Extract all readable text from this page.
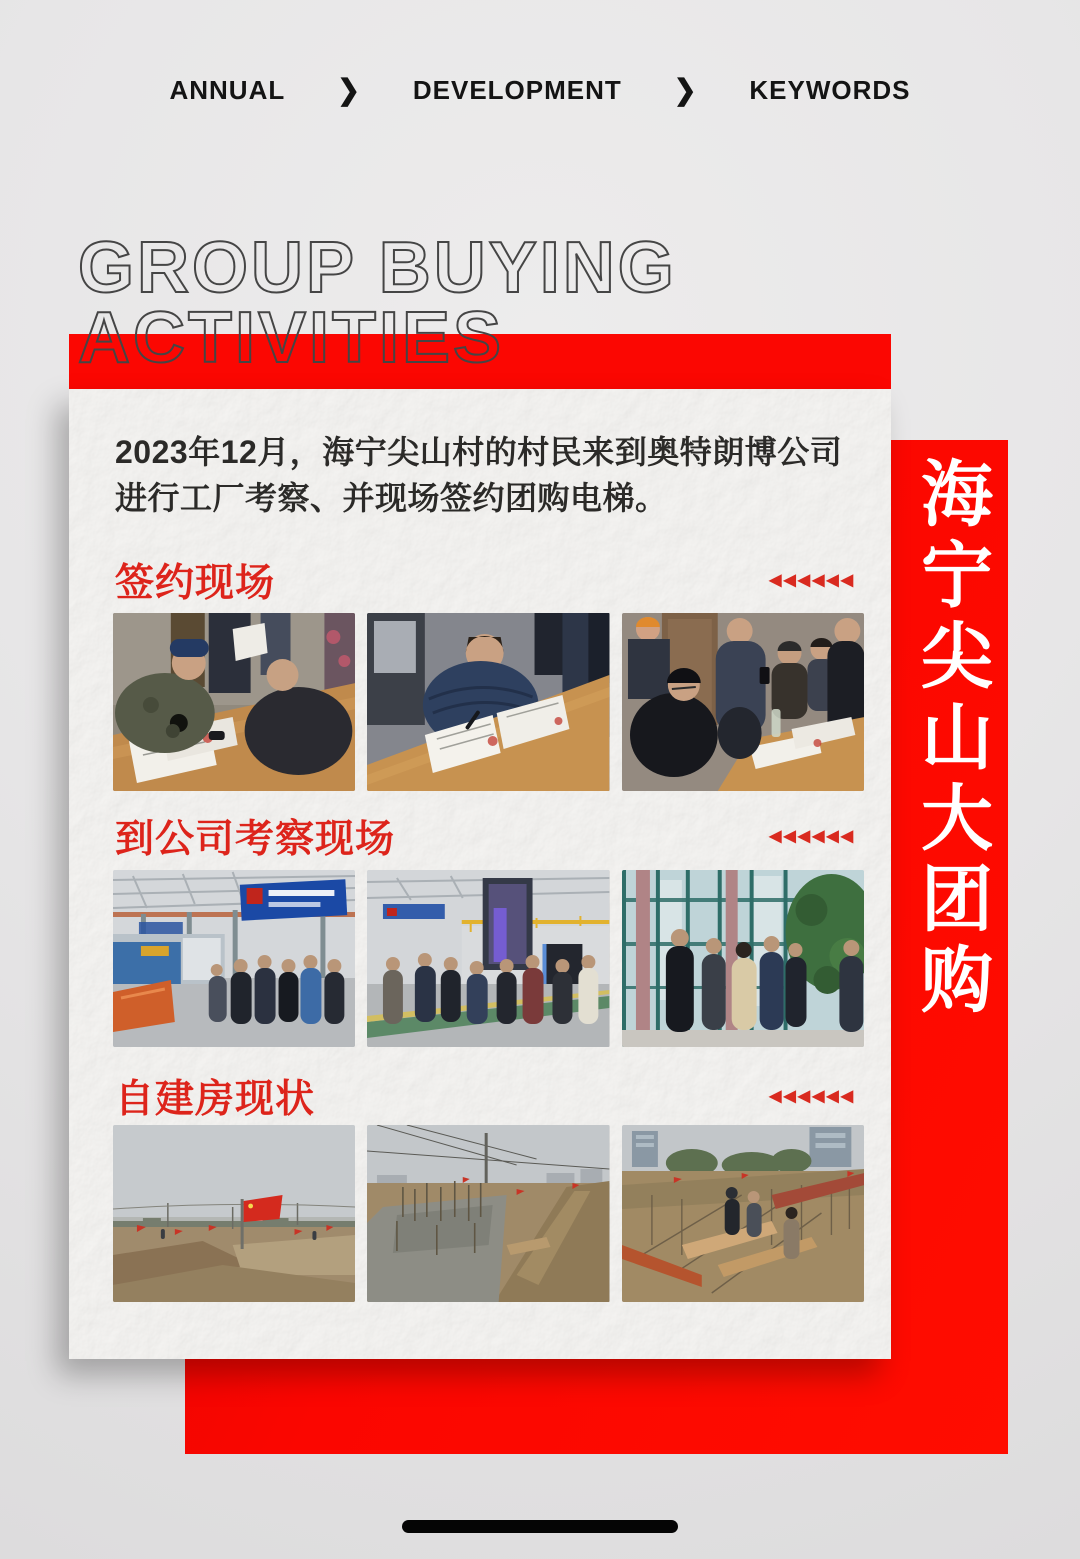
ANNUAL ❯ DEVELOPMENT ❯ KEYWORDS
海宁尖山大团购
GROUP BUYING
ACTIVITIES

2023年12月，海宁尖山村的村民来到奥特朗博公司
进行工厂考察、并现场签约团购电梯。

签约现场	◀◀◀◀◀◀
到公司考察现场	◀◀◀◀◀◀
自建房现状	◀◀◀◀◀◀
